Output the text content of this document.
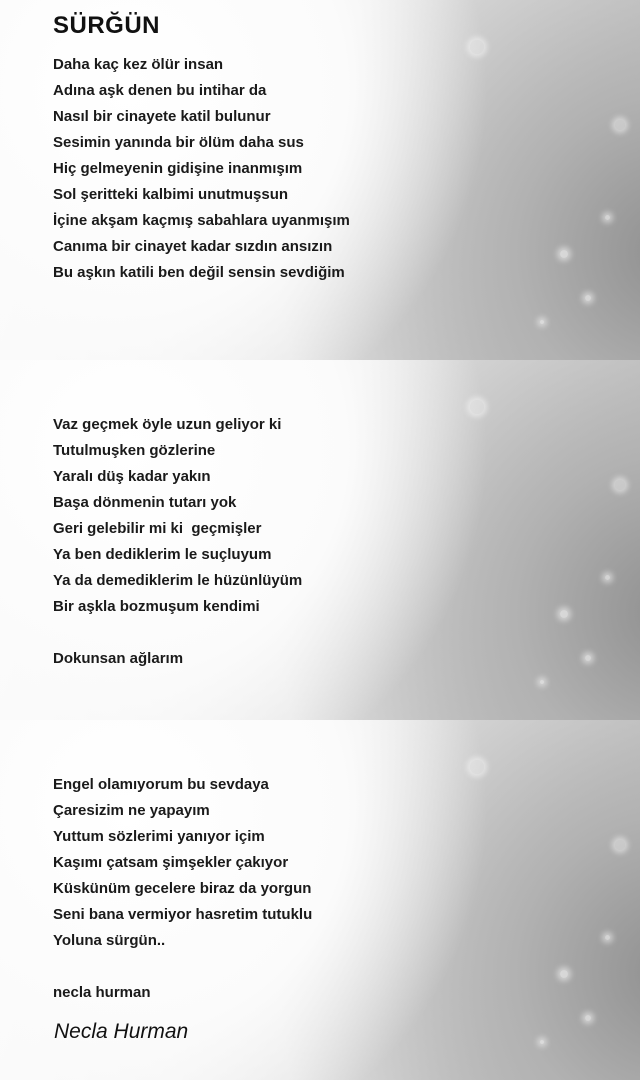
SÜRĞÜN
Daha kaç kez ölür insan
Adına aşk denen bu intihar da
Nasıl bir cinayete katil bulunur
Sesimin yanında bir ölüm daha sus
Hiç gelmeyenin gidişine inanmışım
Sol şeritteki kalbimi unutmuşsun
İçine akşam kaçmış sabahlara uyanmışım
Canıma bir cinayet kadar sızdın ansızın
Bu aşkın katili ben değil sensin sevdiğim
Vaz geçmek öyle uzun geliyor ki
Tutulmuşken gözlerine
Yaralı düş kadar yakın
Başa dönmenin tutarı yok
Geri gelebilir mi ki  geçmişler
Ya ben dediklerim le suçluyum
Ya da demediklerim le hüzünlüyüm
Bir aşkla bozmuşum kendimi
Dokunsan ağlarım
Engel olamıyorum bu sevdaya
Çaresizim ne yapayım
Yuttum sözlerimi yanıyor içim
Kaşımı çatsam şimşekler çakıyor
Küskünüm gecelere biraz da yorgun
Seni bana vermiyor hasretim tutuklu
Yoluna sürgün..
necla hurman

Necla Hurman
